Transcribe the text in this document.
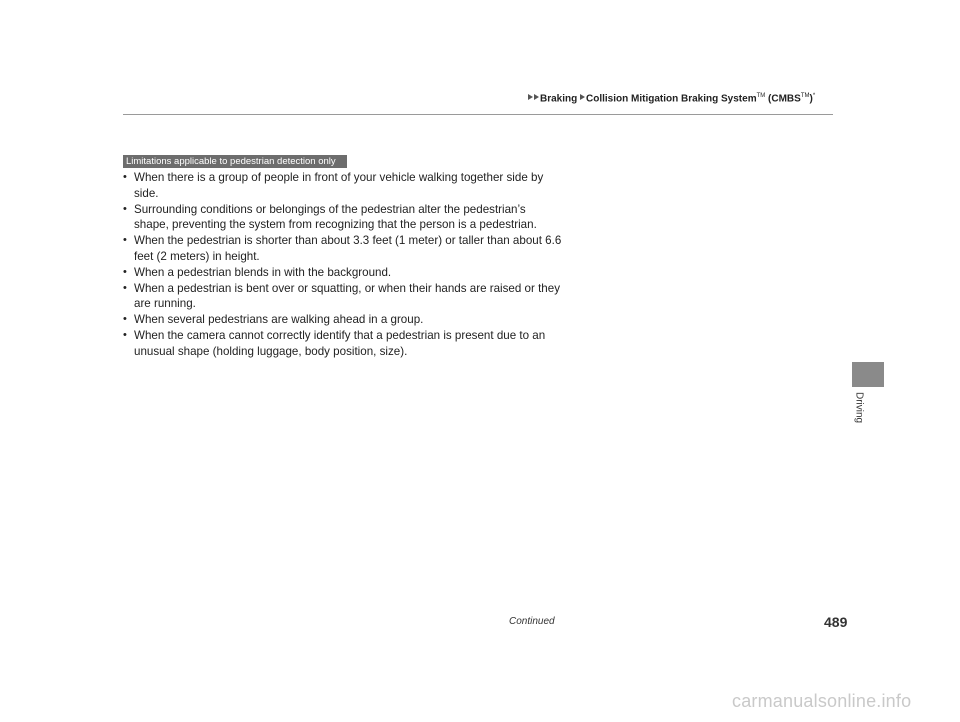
Braking Collision Mitigation Braking System™ (CMBS™)*
Limitations applicable to pedestrian detection only
• When there is a group of people in front of your vehicle walking together side by side.
• Surrounding conditions or belongings of the pedestrian alter the pedestrian’s shape, preventing the system from recognizing that the person is a pedestrian.
• When the pedestrian is shorter than about 3.3 feet (1 meter) or taller than about 6.6 feet (2 meters) in height.
• When a pedestrian blends in with the background.
• When a pedestrian is bent over or squatting, or when their hands are raised or they are running.
• When several pedestrians are walking ahead in a group.
• When the camera cannot correctly identify that a pedestrian is present due to an unusual shape (holding luggage, body position, size).
Driving
Continued	489
carmanualsonline.info
